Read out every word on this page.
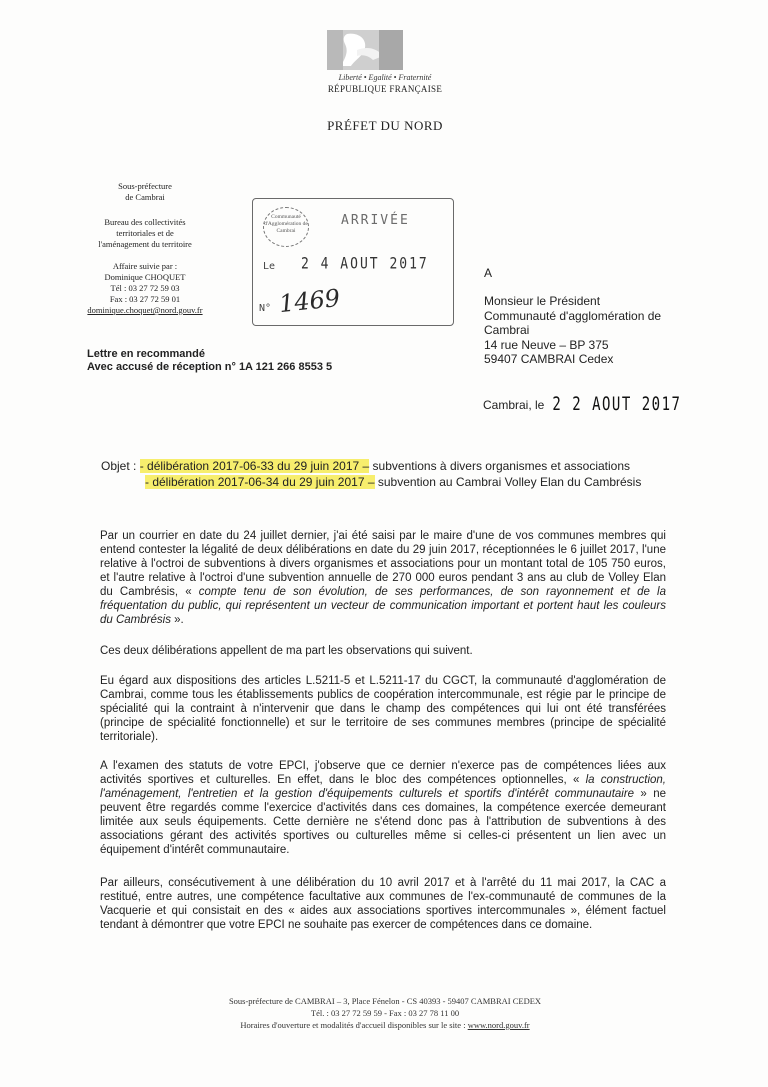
Liberté • Egalité • Fraternité
RÉPUBLIQUE FRANÇAISE
PRÉFET DU NORD
Sous-préfecture
de Cambrai
Bureau des collectivités
territoriales et de
l'aménagement du territoire
Affaire suivie par :
Dominique CHOQUET
Tél : 03 27 72 59 03
Fax : 03 27 72 59 01
dominique.choquet@nord.gouv.fr
Communauté d'Agglomération de Cambrai
ARRIVÉE
Le 2 4 AOUT 2017
N° 1469
A
Monsieur le Président
Communauté d'agglomération de
Cambrai
14 rue Neuve – BP 375
59407 CAMBRAI Cedex
Lettre en recommandé
Avec accusé de réception n° 1A 121 266 8553 5
Cambrai, le 2 2 AOUT 2017
Objet : - délibération 2017-06-33 du 29 juin 2017 – subventions à divers organismes et associations
- délibération 2017-06-34 du 29 juin 2017 – subvention au Cambrai Volley Elan du Cambrésis

Par un courrier en date du 24 juillet dernier, j'ai été saisi par le maire d'une de vos communes membres qui entend contester la légalité de deux délibérations en date du 29 juin 2017, réceptionnées le 6 juillet 2017, l'une relative à l'octroi de subventions à divers organismes et associations pour un montant total de 105 750 euros, et l'autre relative à l'octroi d'une subvention annuelle de 270 000 euros pendant 3 ans au club de Volley Elan du Cambrésis, « compte tenu de son évolution, de ses performances, de son rayonnement et de la fréquentation du public, qui représentent un vecteur de communication important et portent haut les couleurs du Cambrésis ».

Ces deux délibérations appellent de ma part les observations qui suivent.

Eu égard aux dispositions des articles L.5211-5 et L.5211-17 du CGCT, la communauté d'agglomération de Cambrai, comme tous les établissements publics de coopération intercommunale, est régie par le principe de spécialité qui la contraint à n'intervenir que dans le champ des compétences qui lui ont été transférées (principe de spécialité fonctionnelle) et sur le territoire de ses communes membres (principe de spécialité territoriale).

A l'examen des statuts de votre EPCI, j'observe que ce dernier n'exerce pas de compétences liées aux activités sportives et culturelles. En effet, dans le bloc des compétences optionnelles, « la construction, l'aménagement, l'entretien et la gestion d'équipements culturels et sportifs d'intérêt communautaire » ne peuvent être regardés comme l'exercice d'activités dans ces domaines, la compétence exercée demeurant limitée aux seuls équipements. Cette dernière ne s'étend donc pas à l'attribution de subventions à des associations gérant des activités sportives ou culturelles même si celles-ci présentent un lien avec un équipement d'intérêt communautaire.

Par ailleurs, consécutivement à une délibération du 10 avril 2017 et à l'arrêté du 11 mai 2017, la CAC a restitué, entre autres, une compétence facultative aux communes de l'ex-communauté de communes de la Vacquerie et qui consistait en des « aides aux associations sportives intercommunales », élément factuel tendant à démontrer que votre EPCI ne souhaite pas exercer de compétences dans ce domaine.

Sous-préfecture de CAMBRAI – 3, Place Fénelon - CS 40393 - 59407 CAMBRAI CEDEX
Tél. : 03 27 72 59 59 - Fax : 03 27 78 11 00
Horaires d'ouverture et modalités d'accueil disponibles sur le site : www.nord.gouv.fr
